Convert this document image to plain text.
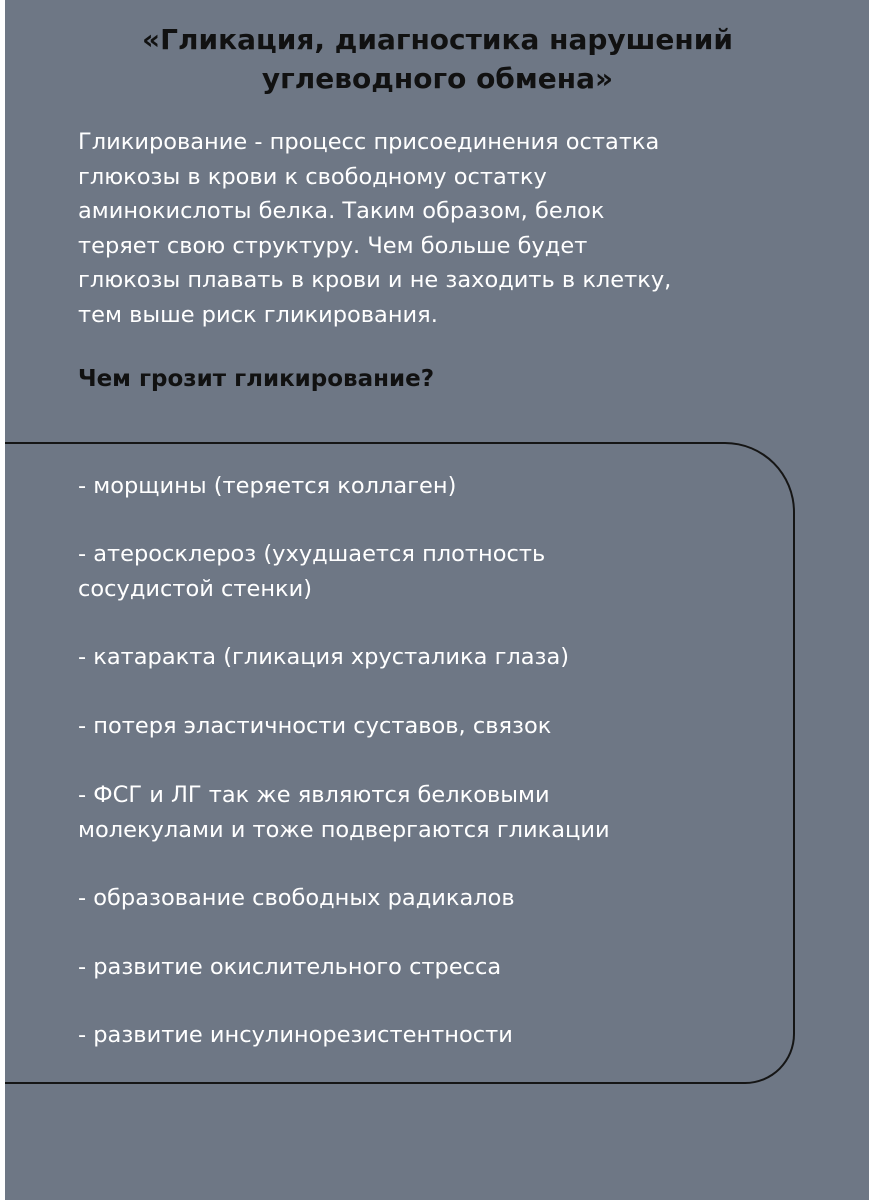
«Гликация, диагностика нарушений
углеводного обмена»

Гликирование - процесс присоединения остатка
глюкозы в крови к свободному остатку
аминокислоты белка. Таким образом, белок
теряет свою структуру. Чем больше будет
глюкозы плавать в крови и не заходить в клетку,
тем выше риск гликирования.

Чем грозит гликирование?
- морщины (теряется коллаген)
- атеросклероз (ухудшается плотность
сосудистой стенки)
- катаракта (гликация хрусталика глаза)
- потеря эластичности суставов, связок
- ФСГ и ЛГ так же являются белковыми
молекулами и тоже подвергаются гликации
- образование свободных радикалов
- развитие окислительного стресса
- развитие инсулинорезистентности
